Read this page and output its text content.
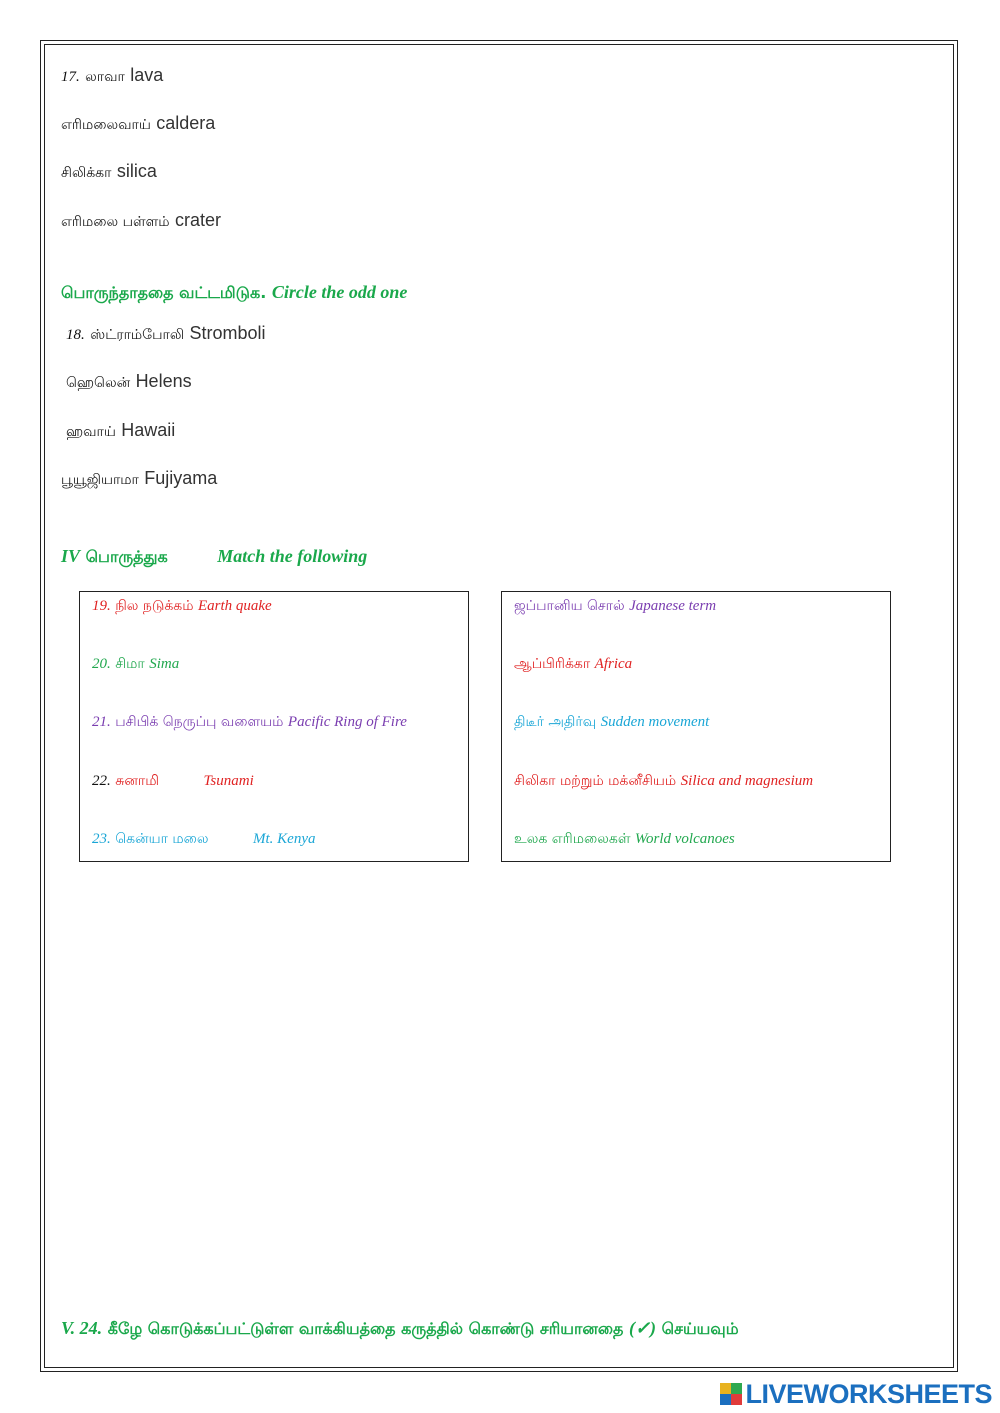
17. லாவா lava
எரிமலைவாய் caldera
சிலிக்கா silica
எரிமலை பள்ளம் crater
பொருந்தாததை வட்டமிடுக. Circle the odd one
18. ஸ்ட்ராம்போலி Stromboli
ஹெலென் Helens
ஹவாய் Hawaii
பூயூஜியாமா Fujiyama
IV பொருத்துக	Match the following
19. நில நடுக்கம் Earth quake
20. சிமா Sima
21. பசிபிக் நெருப்பு வளையம் Pacific Ring of Fire
22. சுனாமி	Tsunami
23. கென்யா மலை	Mt. Kenya
ஜப்பானிய சொல் Japanese term
ஆப்பிரிக்கா Africa
திடீர் அதிர்வு Sudden movement
சிலிகா மற்றும் மக்னீசியம் Silica and magnesium
உலக எரிமலைகள் World volcanoes
V. 24. கீழே கொடுக்கப்பட்டுள்ள வாக்கியத்தை கருத்தில் கொண்டு சரியானதை (✓) செய்யவும்
LIVEWORKSHEETS
